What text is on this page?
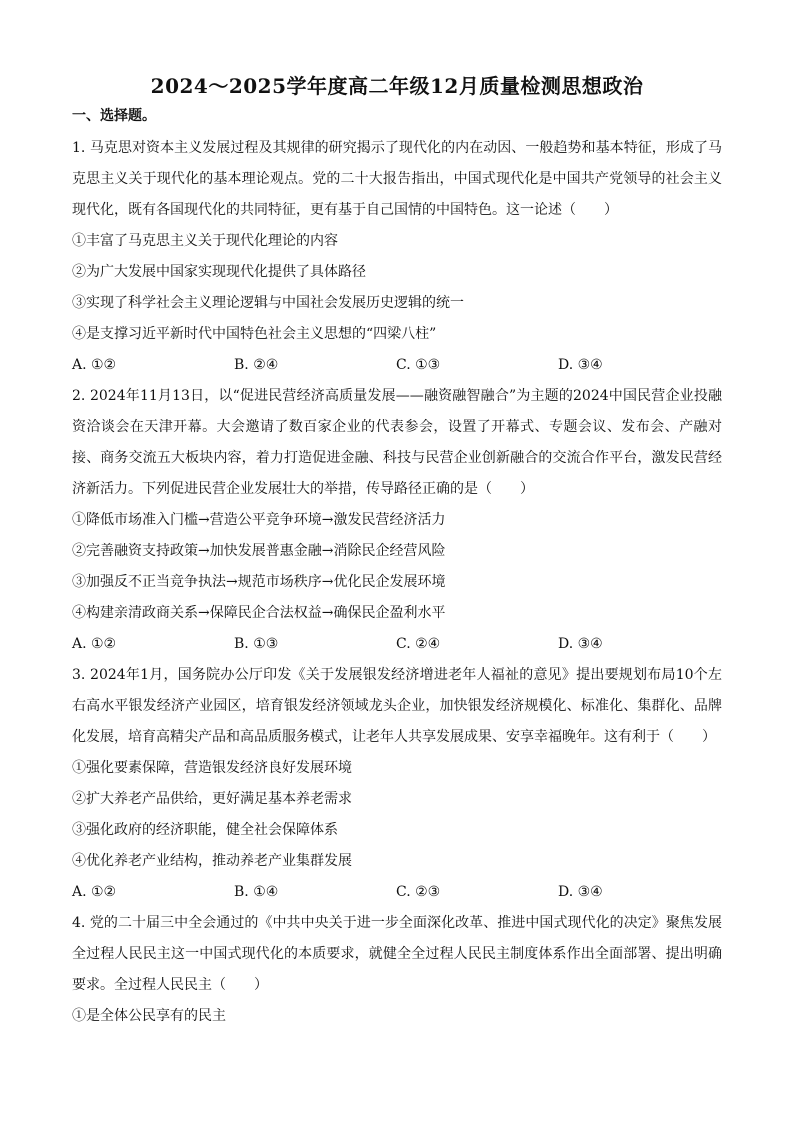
2024～2025学年度高二年级12月质量检测思想政治
一、选择题。
1. 马克思对资本主义发展过程及其规律的研究揭示了现代化的内在动因、一般趋势和基本特征，形成了马克思主义关于现代化的基本理论观点。党的二十大报告指出，中国式现代化是中国共产党领导的社会主义现代化，既有各国现代化的共同特征，更有基于自己国情的中国特色。这一论述（　　）
①丰富了马克思主义关于现代化理论的内容
②为广大发展中国家实现现代化提供了具体路径
③实现了科学社会主义理论逻辑与中国社会发展历史逻辑的统一
④是支撑习近平新时代中国特色社会主义思想的“四梁八柱”
A. ①②	B. ②④	C. ①③	D. ③④
2. 2024年11月13日，以“促进民营经济高质量发展——融资融智融合”为主题的2024中国民营企业投融资洽谈会在天津开幕。大会邀请了数百家企业的代表参会，设置了开幕式、专题会议、发布会、产融对接、商务交流五大板块内容，着力打造促进金融、科技与民营企业创新融合的交流合作平台，激发民营经济新活力。下列促进民营企业发展壮大的举措，传导路径正确的是（　　）
①降低市场准入门槛→营造公平竞争环境→激发民营经济活力
②完善融资支持政策→加快发展普惠金融→消除民企经营风险
③加强反不正当竞争执法→规范市场秩序→优化民企发展环境
④构建亲清政商关系→保障民企合法权益→确保民企盈利水平
A. ①②	B. ①③	C. ②④	D. ③④
3. 2024年1月，国务院办公厅印发《关于发展银发经济增进老年人福祉的意见》提出要规划布局10个左右高水平银发经济产业园区，培育银发经济领域龙头企业，加快银发经济规模化、标准化、集群化、品牌化发展，培育高精尖产品和高品质服务模式，让老年人共享发展成果、安享幸福晚年。这有利于（　　）
①强化要素保障，营造银发经济良好发展环境
②扩大养老产品供给，更好满足基本养老需求
③强化政府的经济职能，健全社会保障体系
④优化养老产业结构，推动养老产业集群发展
A. ①②	B. ①④	C. ②③	D. ③④
4. 党的二十届三中全会通过的《中共中央关于进一步全面深化改革、推进中国式现代化的决定》聚焦发展全过程人民民主这一中国式现代化的本质要求，就健全全过程人民民主制度体系作出全面部署、提出明确要求。全过程人民民主（　　）
①是全体公民享有的民主
